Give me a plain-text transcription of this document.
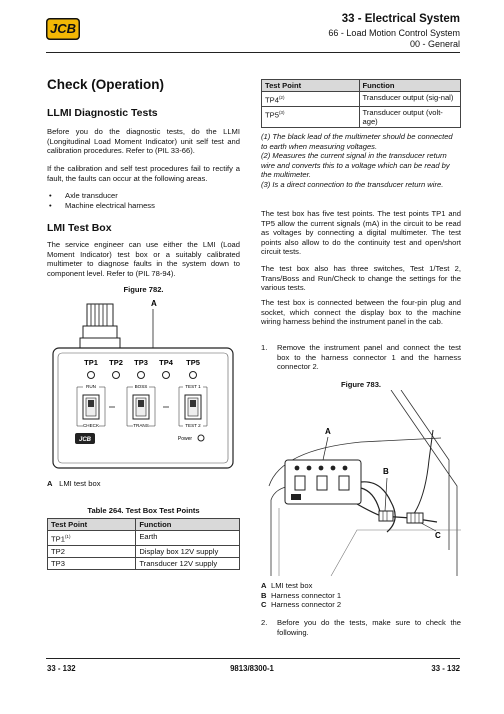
JCB
33 - Electrical System
66 - Load Motion Control System
00 - General
Check (Operation)
LLMI Diagnostic Tests

Before you do the diagnostic tests, do the LLMI (Longitudinal Load Moment Indicator) unit self test and calibration procedures. Refer to (PIL 33-66).

If the calibration and self test procedures fail to rectify a fault, the faults can occur at the following areas.

• Axle transducer
• Machine electrical harness
LMI Test Box

The service engineer can use either the LMI (Load Moment Indicator) test box or a suitably calibrated multimeter to diagnose faults in the system down to component level. Refer to (PIL 78-94).

Figure 782.
A
TP1 TP2 TP3 TP4 TP5
RUN
CHECK
BOSS
TRANS
TEST 1
TEST 2
JCB	Power
A LMI test box
Table 264. Test Box Test Points
Test Point	Function
TP1$^{(1)}$	Earth
TP2	Display box 12V supply
TP3	Transducer 12V supply
Test Point	Function
TP4$^{(2)}$	Transducer output (sig-nal)
TP5$^{(3)}$	Transducer output (volt-age)
(1) The black lead of the multimeter should be connected to earth when measuring voltages.
(2) Measures the current signal in the transducer return wire and converts this to a voltage which can be read by the multimeter.
(3) Is a direct connection to the transducer return wire.

The test box has five test points. The test points TP1 and TP5 allow the current signals (mA) in the circuit to be read as voltages by connecting a digital multimeter. The test points also allow to do the continuity test and open/short circuit tests.

The test box also has three switches, Test 1/Test 2, Trans/Boss and Run/Check to change the settings for the various tests.

The test box is connected between the four-pin plug and socket, which connect the display box to the machine wiring harness behind the instrument panel in the cab.

1. Remove the instrument panel and connect the test box to the harness connector 1 and the harness connector 2.
Figure 783.
A
B
C
A LMI test box
B Harness connector 1
C Harness connector 2
2. Before you do the tests, make sure to check the following.
33 - 132	9813/8300-1	33 - 132
